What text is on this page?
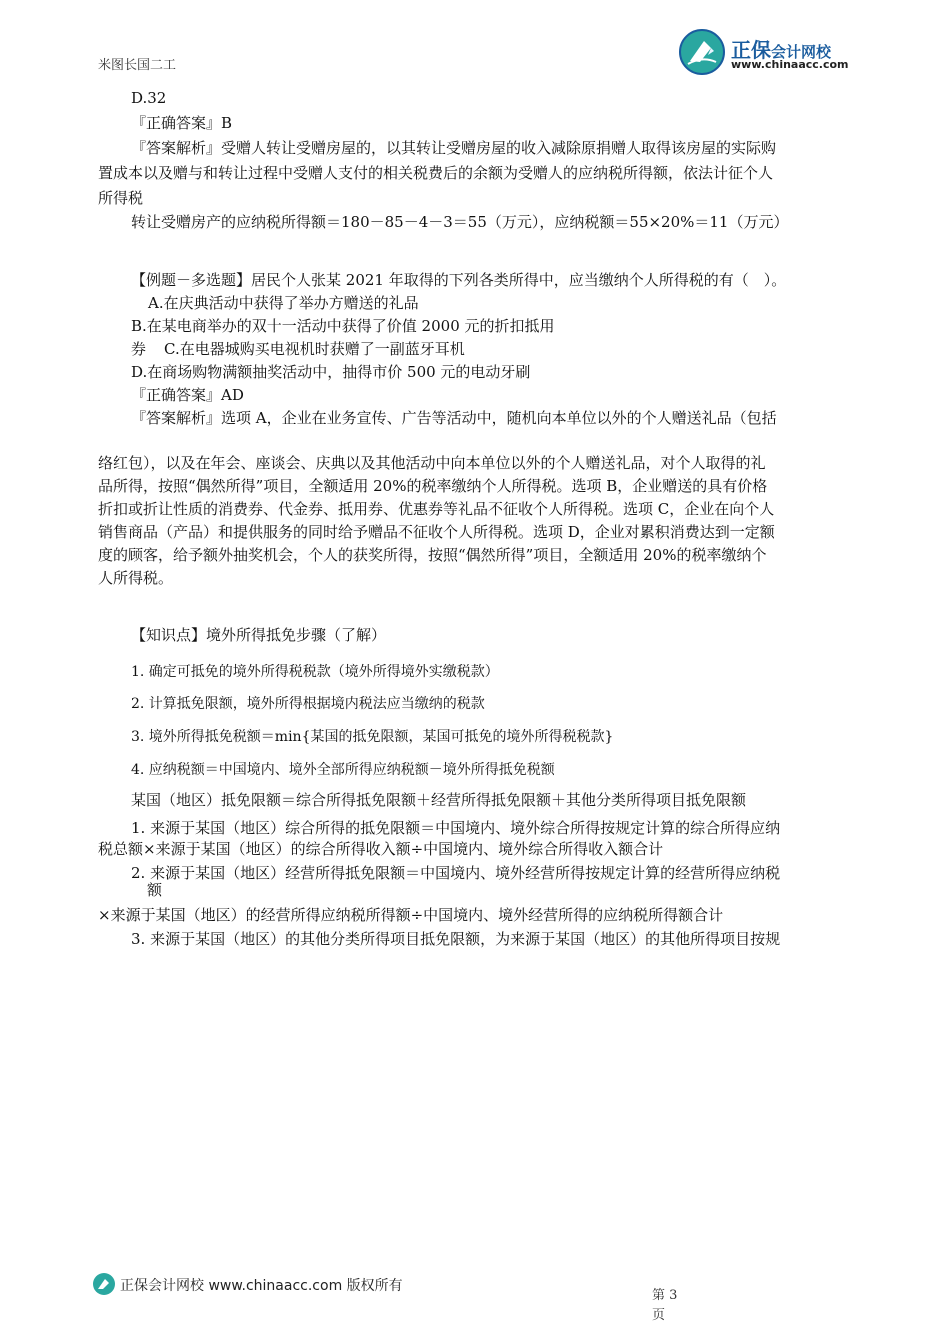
米图长国二工
正保会计网校
www.chinaacc.com
D.32
『正确答案』B
『答案解析』受赠人转让受赠房屋的，以其转让受赠房屋的收入减除原捐赠人取得该房屋的实际购
置成本以及赠与和转让过程中受赠人支付的相关税费后的余额为受赠人的应纳税所得额，依法计征个人
所得税
转让受赠房产的应纳税所得额＝180－85－4－3＝55（万元），应纳税额＝55×20%＝11（万元）
【例题－多选题】居民个人张某 2021 年取得的下列各类所得中，应当缴纳个人所得税的有（　）。
A.在庆典活动中获得了举办方赠送的礼品
B.在某电商举办的双十一活动中获得了价值 2000 元的折扣抵用
券 C.在电器城购买电视机时获赠了一副蓝牙耳机
D.在商场购物满额抽奖活动中，抽得市价 500 元的电动牙刷
『正确答案』AD
『答案解析』选项 A，企业在业务宣传、广告等活动中，随机向本单位以外的个人赠送礼品（包括
络红包），以及在年会、座谈会、庆典以及其他活动中向本单位以外的个人赠送礼品，对个人取得的礼
品所得，按照“偶然所得”项目，全额适用 20%的税率缴纳个人所得税。选项 B，企业赠送的具有价格
折扣或折让性质的消费券、代金券、抵用券、优惠券等礼品不征收个人所得税。选项 C，企业在向个人
销售商品（产品）和提供服务的同时给予赠品不征收个人所得税。选项 D，企业对累积消费达到一定额
度的顾客，给予额外抽奖机会，个人的获奖所得，按照“偶然所得”项目，全额适用 20%的税率缴纳个
人所得税。
【知识点】境外所得抵免步骤（了解）
1. 确定可抵免的境外所得税税款（境外所得境外实缴税款）
2. 计算抵免限额，境外所得根据境内税法应当缴纳的税款
3. 境外所得抵免税额＝min{某国的抵免限额，某国可抵免的境外所得税税款}
4. 应纳税额＝中国境内、境外全部所得应纳税额－境外所得抵免税额
某国（地区）抵免限额＝综合所得抵免限额＋经营所得抵免限额＋其他分类所得项目抵免限额
1. 来源于某国（地区）综合所得的抵免限额＝中国境内、境外综合所得按规定计算的综合所得应纳
税总额×来源于某国（地区）的综合所得收入额÷中国境内、境外综合所得收入额合计
2. 来源于某国（地区）经营所得抵免限额＝中国境内、境外经营所得按规定计算的经营所得应纳税
额
×来源于某国（地区）的经营所得应纳税所得额÷中国境内、境外经营所得的应纳税所得额合计
3. 来源于某国（地区）的其他分类所得项目抵免限额，为来源于某国（地区）的其他所得项目按规
正保会计网校 www.chinaacc.com 版权所有
第 3 页
